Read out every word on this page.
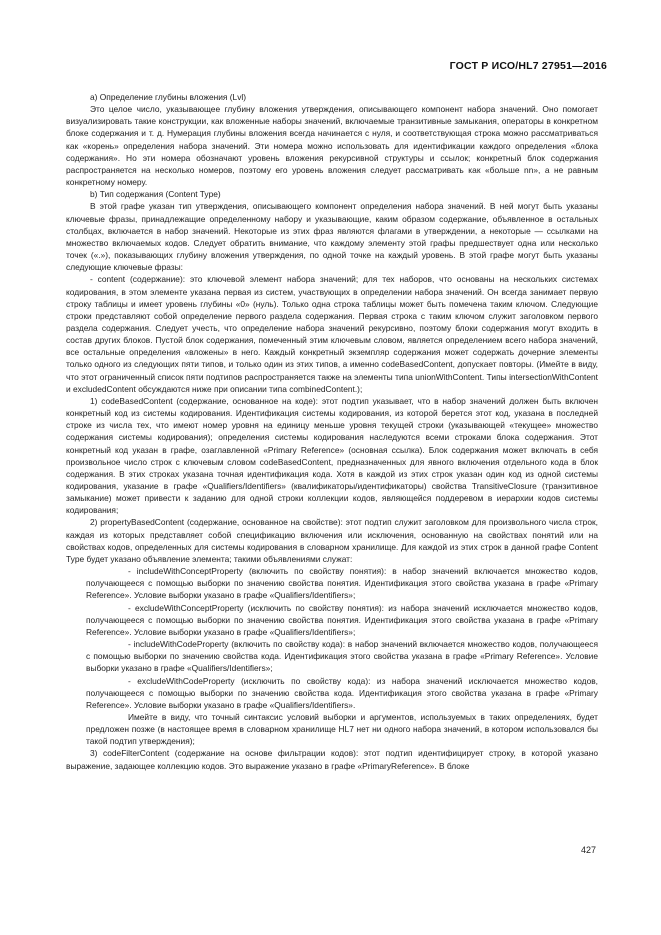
ГОСТ Р ИСО/HL7 27951—2016

a) Определение глубины вложения (Lvl)

Это целое число, указывающее глубину вложения утверждения, описывающего компонент набора значений. Оно помогает визуализировать такие конструкции, как вложенные наборы значений, включаемые транзитивные замыкания, операторы в конкретном блоке содержания и т. д. Нумерация глубины вложения всегда начинается с нуля, и соответствующая строка можно рассматриваться как «корень» определения набора значений. Эти номера можно использовать для идентификации каждого определения «блока содержания». Но эти номера обозначают уровень вложения рекурсивной структуры и ссылок; конкретный блок содержания распространяется на несколько номеров, поэтому его уровень вложения следует рассматривать как «больше nn», а не равным конкретному номеру.

b) Тип содержания (Content Type)

В этой графе указан тип утверждения, описывающего компонент определения набора значений. В ней могут быть указаны ключевые фразы, принадлежащие определенному набору и указывающие, каким образом содержание, объявленное в остальных столбцах, включается в набор значений. Некоторые из этих фраз являются флагами в утверждении, а некоторые — ссылками на множество включаемых кодов. Следует обратить внимание, что каждому элементу этой графы предшествует одна или несколько точек («.»), показывающих глубину вложения утверждения, по одной точке на каждый уровень. В этой графе могут быть указаны следующие ключевые фразы:

- content (содержание): это ключевой элемент набора значений; для тех наборов, что основаны на нескольких системах кодирования, в этом элементе указана первая из систем, участвующих в определении набора значений. Он всегда занимает первую строку таблицы и имеет уровень глубины «0» (нуль). Только одна строка таблицы может быть помечена таким ключом. Следующие строки представляют собой определение первого раздела содержания. Первая строка с таким ключом служит заголовком первого раздела содержания. Следует учесть, что определение набора значений рекурсивно, поэтому блоки содержания могут входить в состав других блоков. Пустой блок содержания, помеченный этим ключевым словом, является определением всего набора значений, все остальные определения «вложены» в него. Каждый конкретный экземпляр содержания может содержать дочерние элементы только одного из следующих пяти типов, и только один из этих типов, а именно codeBasedContent, допускает повторы. (Имейте в виду, что этот ограниченный список пяти подтипов распространяется также на элементы типа unionWithContent. Типы intersectionWithContent и excludedContent обсуждаются ниже при описании типа combinedContent.);

1) codeBasedContent (содержание, основанное на коде): этот подтип указывает, что в набор значений должен быть включен конкретный код из системы кодирования. Идентификация системы кодирования, из которой берется этот код, указана в последней строке из числа тех, что имеют номер уровня на единицу меньше уровня текущей строки (указывающей «текущее» множество содержания системы кодирования); определения системы кодирования наследуются всеми строками блока содержания. Этот конкретный код указан в графе, озаглавленной «Primary Reference» (основная ссылка). Блок содержания может включать в себя произвольное число строк с ключевым словом codeBasedContent, предназначенных для явного включения отдельного кода в блок содержания. В этих строках указана точная идентификация кода. Хотя в каждой из этих строк указан один код из одной системы кодирования, указание в графе «Qualifiers/Identifiers» (квалификаторы/идентификаторы) свойства TransitiveClosure (транзитивное замыкание) может привести к заданию для одной строки коллекции кодов, являющейся поддеревом в иерархии кодов системы кодирования;

2) propertyBasedContent (содержание, основанное на свойстве): этот подтип служит заголовком для произвольного числа строк, каждая из которых представляет собой спецификацию включения или исключения, основанную на свойствах понятий или на свойствах кодов, определенных для системы кодирования в словарном хранилище. Для каждой из этих строк в данной графе Content Type будет указано объявление элемента; такими объявлениями служат:

- includeWithConceptProperty (включить по свойству понятия): в набор значений включается множество кодов, получающееся с помощью выборки по значению свойства понятия. Идентификация этого свойства указана в графе «Primary Reference». Условие выборки указано в графе «Qualifiers/Identifiers»;

- excludeWithConceptProperty (исключить по свойству понятия): из набора значений исключается множество кодов, получающееся с помощью выборки по значению свойства понятия. Идентификация этого свойства указана в графе «Primary Reference». Условие выборки указано в графе «Qualifiers/Identifiers»;

- includeWithCodeProperty (включить по свойству кода): в набор значений включается множество кодов, получающееся с помощью выборки по значению свойства кода. Идентификация этого свойства указана в графе «Primary Reference». Условие выборки указано в графе «Qualifiers/Identifiers»;

- excludeWithCodeProperty (исключить по свойству кода): из набора значений исключается множество кодов, получающееся с помощью выборки по значению свойства кода. Идентификация этого свойства указана в графе «Primary Reference». Условие выборки указано в графе «Qualifiers/Identifiers».

Имейте в виду, что точный синтаксис условий выборки и аргументов, используемых в таких определениях, будет предложен позже (в настоящее время в словарном хранилище HL7 нет ни одного набора значений, в котором использовался бы такой подтип утверждения);

3) codeFilterContent (содержание на основе фильтрации кодов): этот подтип идентифицирует строку, в которой указано выражение, задающее коллекцию кодов. Это выражение указано в графе «PrimaryReference». В блоке

427
